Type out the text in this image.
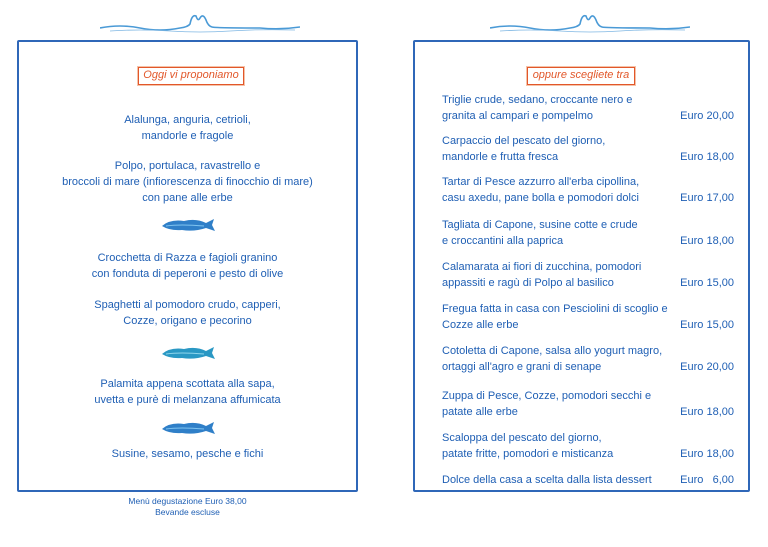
Oggi vi proponiamo
Alalunga, anguria, cetrioli,
mandorle e fragole
Polpo, portulaca, ravastrello e
broccoli di mare (infiorescenza di finocchio di mare)
con pane alle erbe
Crocchetta di Razza e fagioli granino
con fonduta di peperoni e pesto di olive
Spaghetti al pomodoro crudo, capperi,
Cozze, origano e pecorino
Palamita appena scottata alla sapa,
uvetta e purè di melanzana affumicata
Susine, sesamo, pesche e fichi
Menù degustazione Euro 38,00
Bevande escluse
oppure scegliete tra
Triglie crude, sedano, croccante nero e
granita al campari e pompelmo	Euro 20,00
Carpaccio del pescato del giorno,
mandorle e frutta fresca	Euro 18,00
Tartar di Pesce azzurro all'erba cipollina,
casu axedu, pane bolla e pomodori dolci	Euro 17,00
Tagliata di Capone, susine cotte e crude
e croccantini alla paprica	Euro 18,00
Calamarata ai fiori di zucchina, pomodori
appassiti e ragù di Polpo al basilico	Euro 15,00
Fregua fatta in casa con Pesciolini di scoglio e
Cozze alle erbe	Euro 15,00
Cotoletta di Capone, salsa allo yogurt magro,
ortaggi all'agro e grani di senape	Euro 20,00
Zuppa di Pesce, Cozze, pomodori secchi e
patate alle erbe	Euro 18,00
Scaloppa del pescato del giorno,
patate fritte, pomodori e misticanza	Euro 18,00
Dolce della casa a scelta dalla lista dessert	Euro   6,00
